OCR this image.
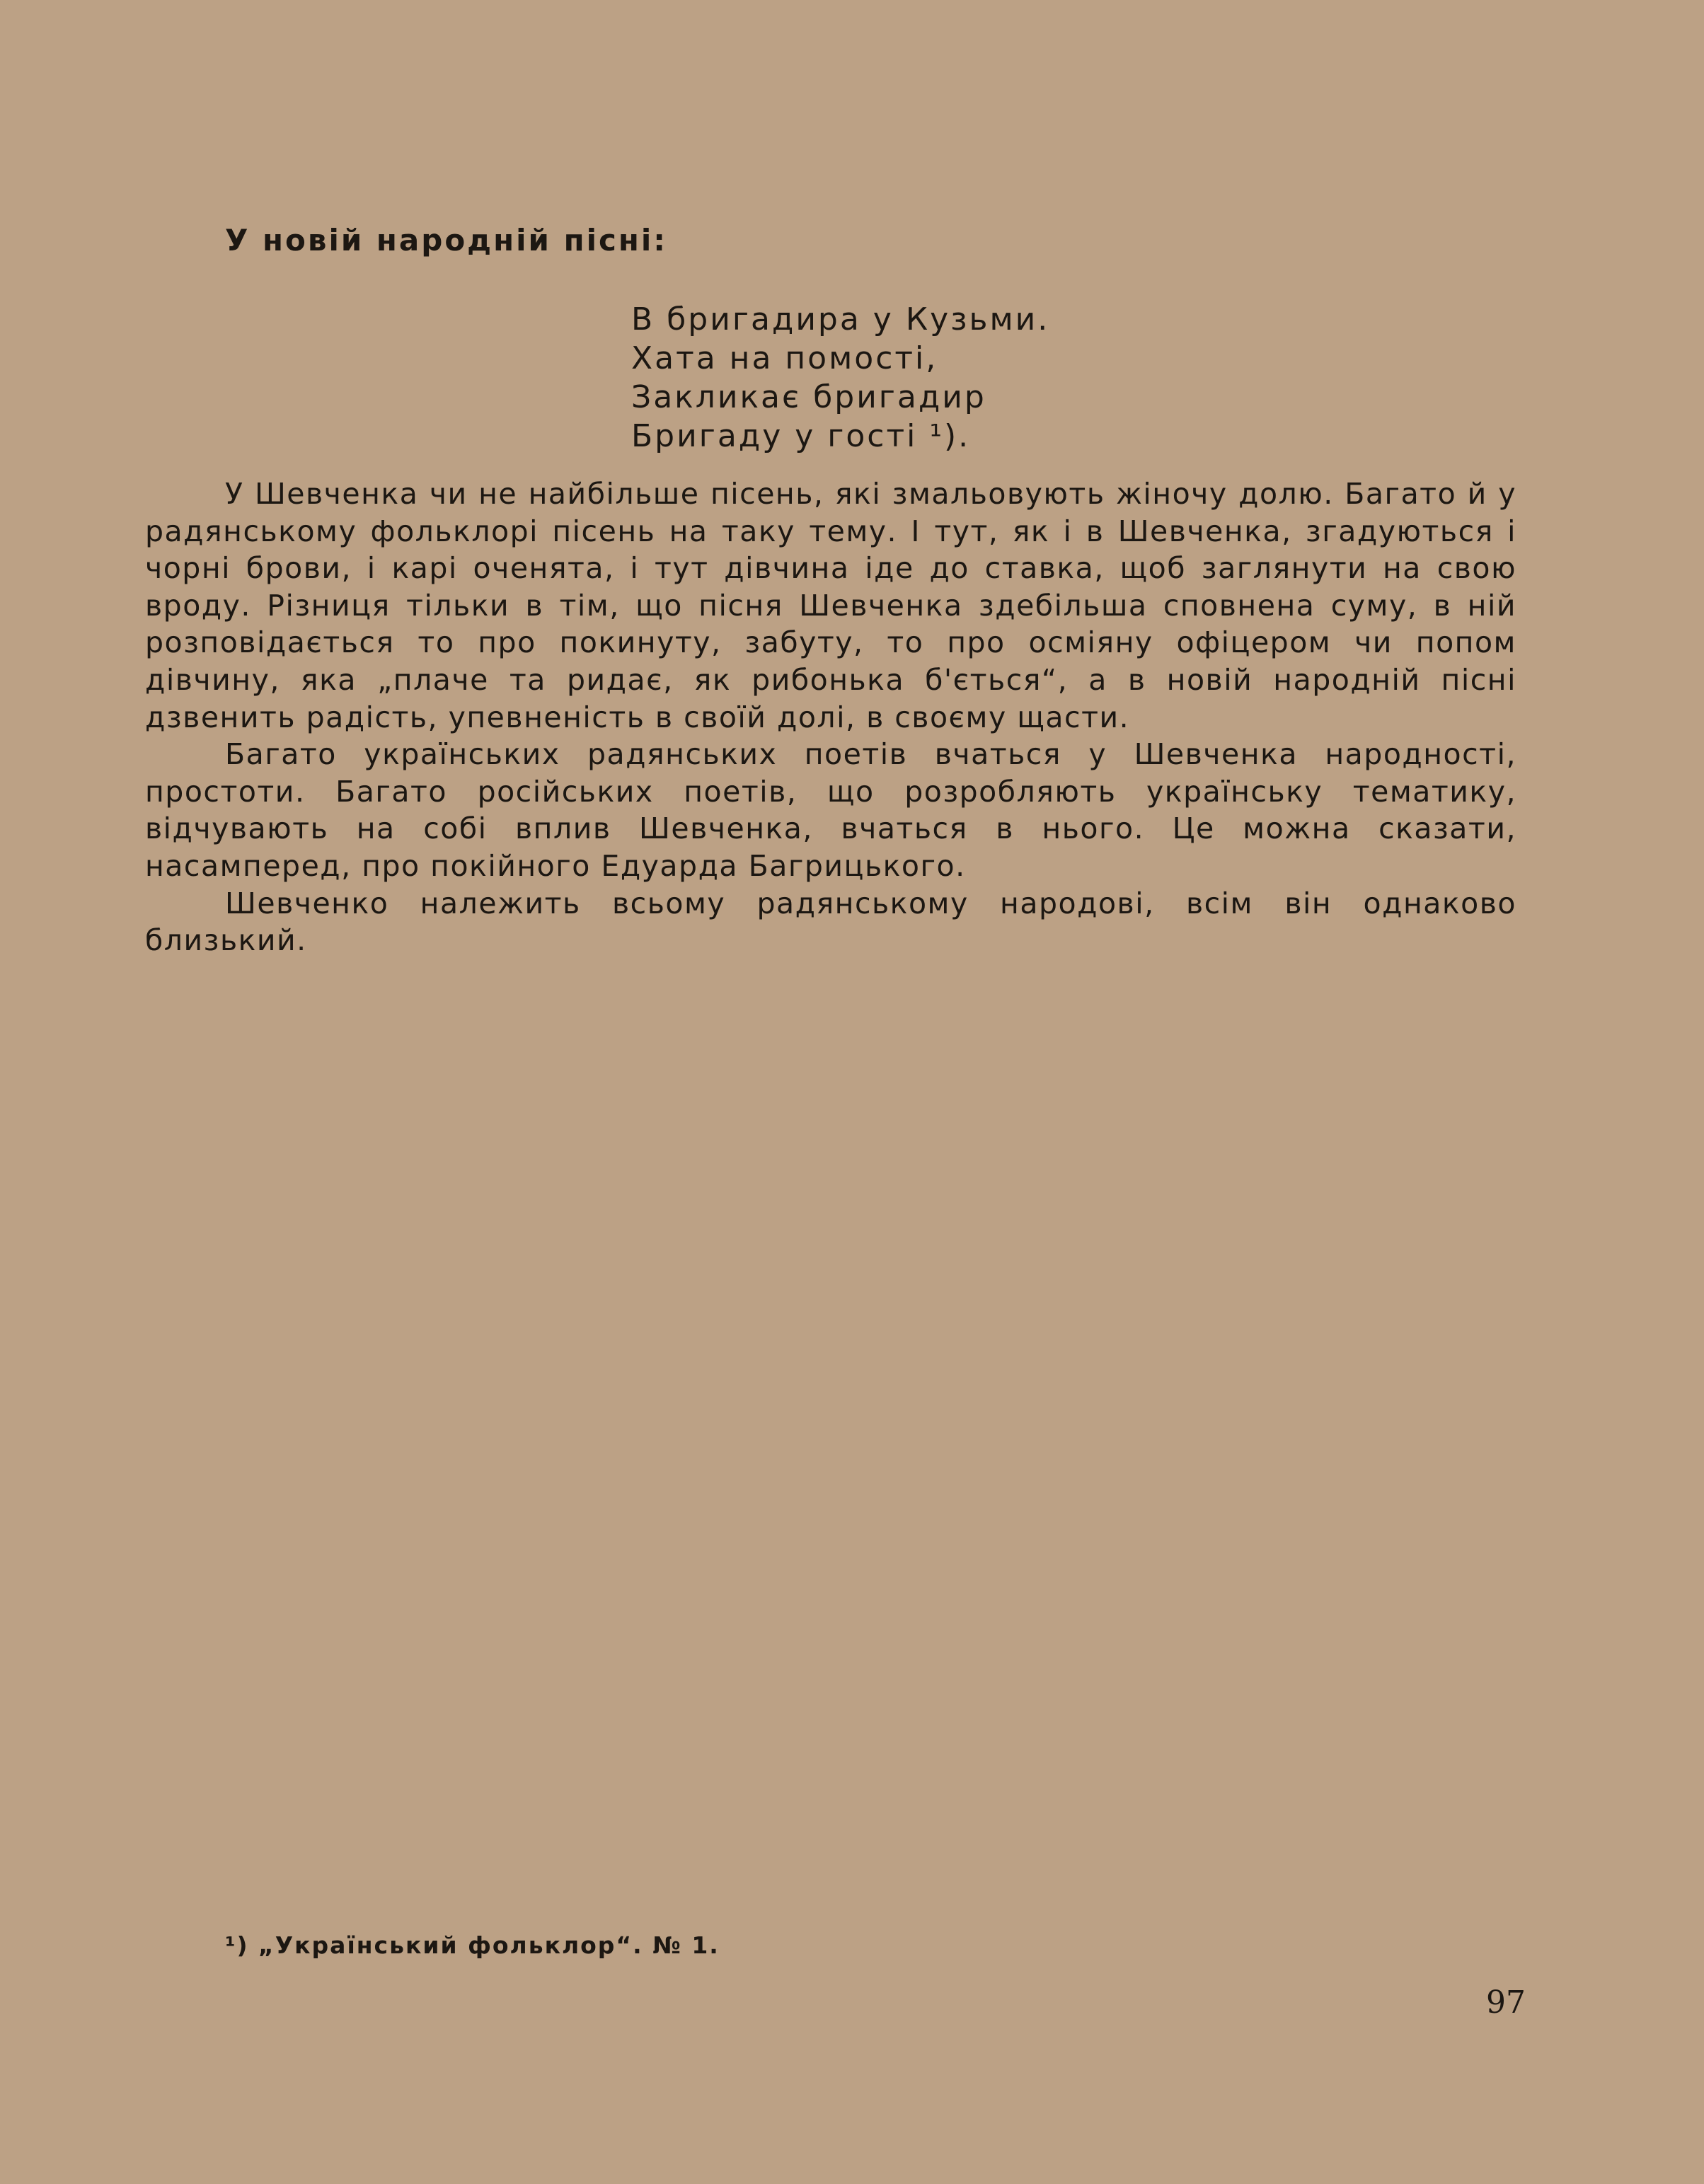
У новій народній пісні:

В бригадира у Кузьми.
Хата на помості,
Закликає бригадир
Бригаду у гості ¹).

У Шевченка чи не найбільше пісень, які змальовують жіночу долю. Багато й у радянському фольклорі пісень на таку тему. І тут, як і в Шевченка, згадуються і чорні брови, і карі оченята, і тут дівчина іде до ставка, щоб заглянути на свою вроду. Різниця тільки в тім, що пісня Шевченка здебільша сповнена суму, в ній розповідається то про покинуту, забуту, то про осміяну офіцером чи попом дівчину, яка „плаче та ридає, як рибонька б'ється“, а в новій народній пісні дзвенить радість, упевненість в своїй долі, в своєму щасти.

Багато українських радянських поетів вчаться у Шевченка народності, простоти. Багато російських поетів, що розробляють українську тематику, відчувають на собі вплив Шевченка, вчаться в нього. Це можна сказати, насамперед, про покійного Едуарда Багрицького.

Шевченко належить всьому радянському народові, всім він однаково близький.

¹) „Український фольклор“. № 1.

97
